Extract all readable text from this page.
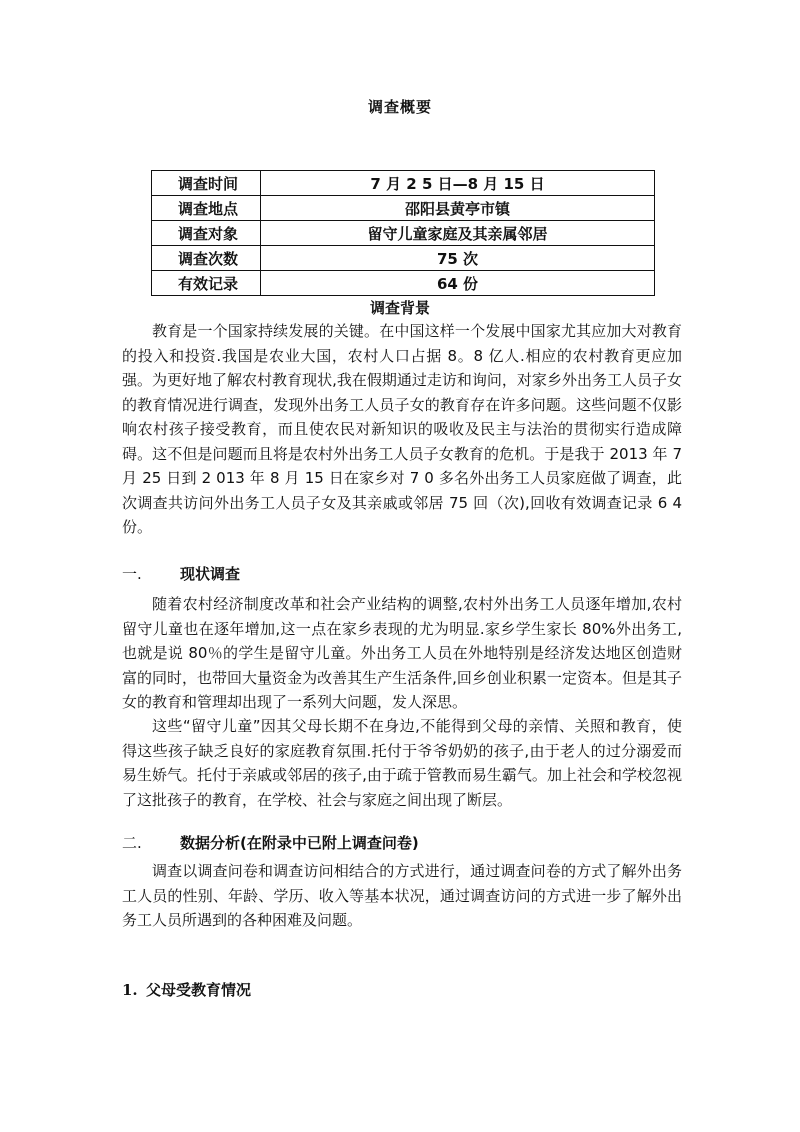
调查概要
调查时间	7 月 2 5 日—8 月 15 日
调查地点	邵阳县黄亭市镇
调查对象	留守儿童家庭及其亲属邻居
调查次数	75 次
有效记录	64 份
调查背景

教育是一个国家持续发展的关键。在中国这样一个发展中国家尤其应加大对教育的投入和投资.我国是农业大国，农村人口占据 8。8 亿人.相应的农村教育更应加强。为更好地了解农村教育现状,我在假期通过走访和询问，对家乡外出务工人员子女的教育情况进行调查，发现外出务工人员子女的教育存在许多问题。这些问题不仅影响农村孩子接受教育，而且使农民对新知识的吸收及民主与法治的贯彻实行造成障碍。这不但是问题而且将是农村外出务工人员子女教育的危机。于是我于 2013 年 7 月 25 日到 2 013 年 8 月 15 日在家乡对 7 0 多名外出务工人员家庭做了调查，此次调查共访问外出务工人员子女及其亲戚或邻居 75 回（次),回收有效调查记录 6 4 份。

一.	现状调查

随着农村经济制度改革和社会产业结构的调整,农村外出务工人员逐年增加,农村留守儿童也在逐年增加,这一点在家乡表现的尤为明显.家乡学生家长 80%外出务工,也就是说 80％的学生是留守儿童。外出务工人员在外地特别是经济发达地区创造财富的同时，也带回大量资金为改善其生产生活条件,回乡创业积累一定资本。但是其子女的教育和管理却出现了一系列大问题，发人深思。

这些“留守儿童”因其父母长期不在身边,不能得到父母的亲情、关照和教育，使得这些孩子缺乏良好的家庭教育氛围.托付于爷爷奶奶的孩子,由于老人的过分溺爱而易生娇气。托付于亲戚或邻居的孩子,由于疏于管教而易生霸气。加上社会和学校忽视了这批孩子的教育，在学校、社会与家庭之间出现了断层。

二.	数据分析(在附录中已附上调查问卷)

调查以调查问卷和调查访问相结合的方式进行，通过调查问卷的方式了解外出务工人员的性别、年龄、学历、收入等基本状况，通过调查访问的方式进一步了解外出务工人员所遇到的各种困难及问题。

1. 父母受教育情况
